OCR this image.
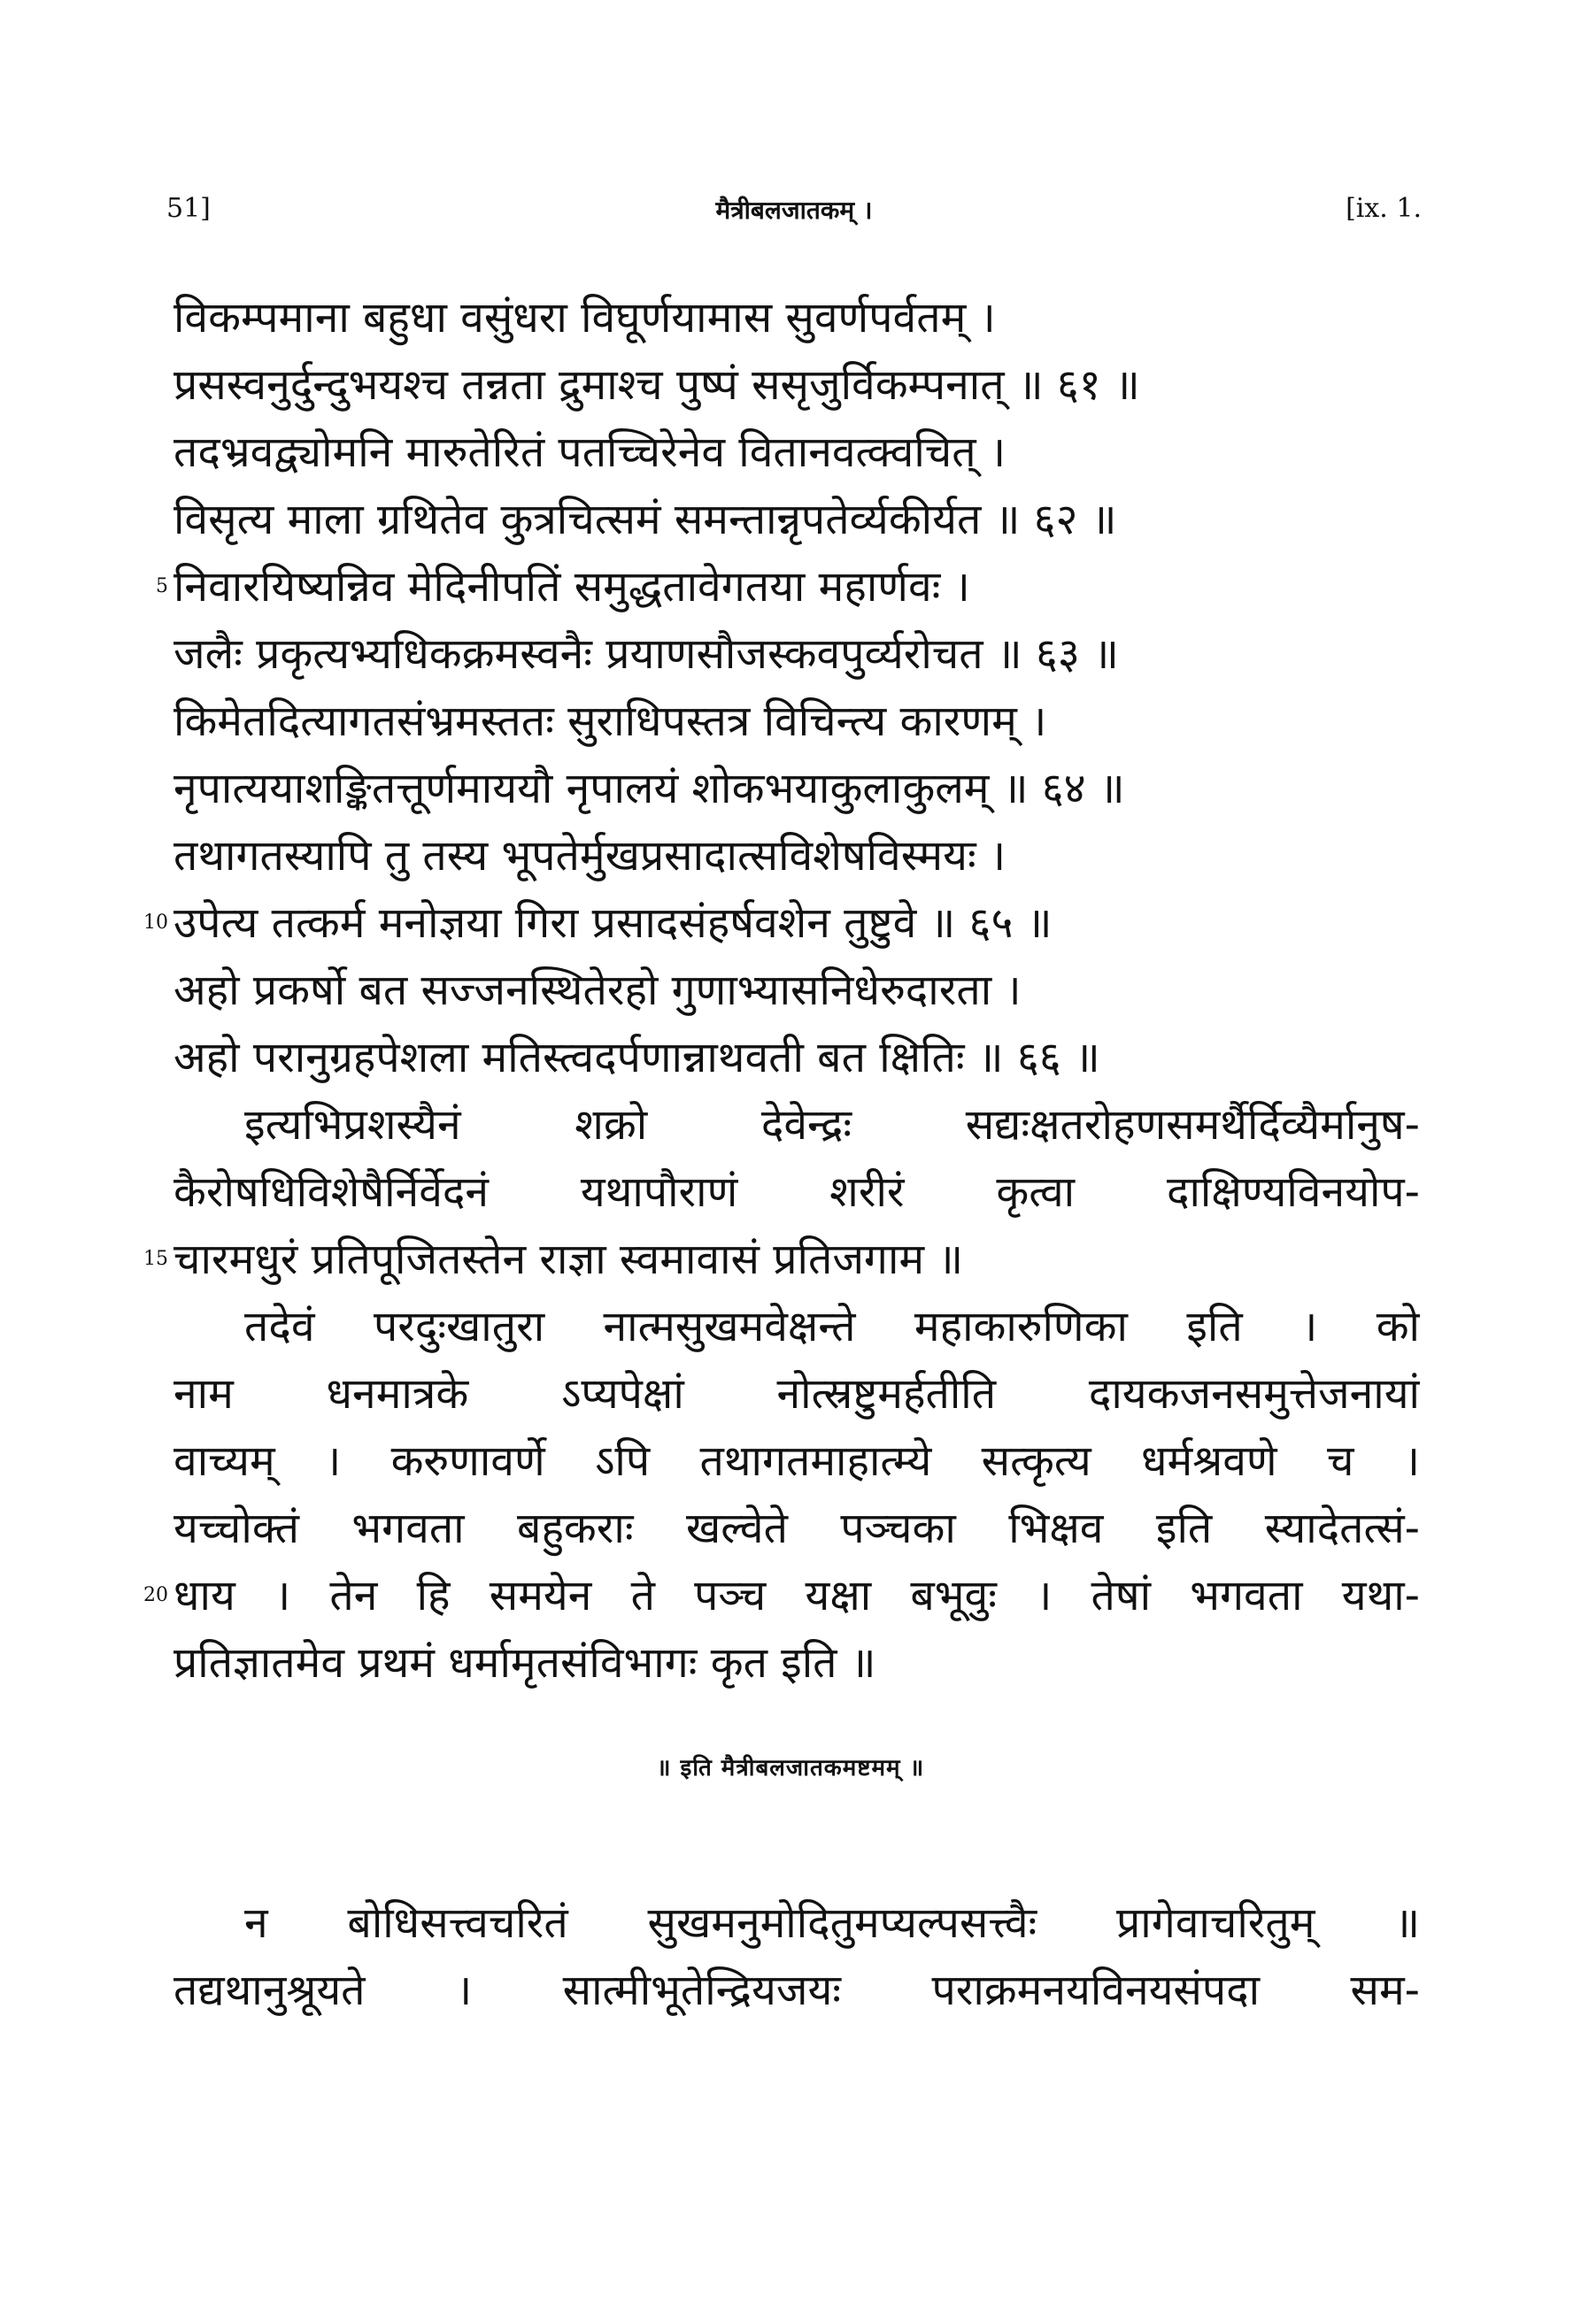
51]	मैत्रीबलजातकम् ।	[ix. 1.
विकम्पमाना बहुधा वसुंधरा विघूर्णयामास सुवर्णपर्वतम् ।
प्रसस्वनुर्दुन्दुभयश्च तन्नता द्रुमाश्च पुष्पं ससृजुर्विकम्पनात् ॥ ६१ ॥
तदभ्रवद्व्योमनि मारुतेरितं पतच्चिरेनेव वितानवत्क्वचित् ।
विसृत्य माला ग्रथितेव कुत्रचित्समं समन्तान्नृपतेर्व्यकीर्यत ॥ ६२ ॥
5 निवारयिष्यन्निव मेदिनीपतिं समुद्धतावेगतया महार्णवः ।
जलैः प्रकृत्यभ्यधिकक्रमस्वनैः प्रयाणसौजस्कवपुर्व्यरोचत ॥ ६३ ॥
किमेतदित्यागतसंभ्रमस्ततः सुराधिपस्तत्र विचिन्त्य कारणम् ।
नृपात्ययाशङ्कितत्तूर्णमाययौ नृपालयं शोकभयाकुलाकुलम् ॥ ६४ ॥
तथागतस्यापि तु तस्य भूपतेर्मुखप्रसादात्सविशेषविस्मयः ।
10 उपेत्य तत्कर्म मनोज्ञया गिरा प्रसादसंहर्षवशेन तुष्टुवे ॥ ६५ ॥
अहो प्रकर्षो बत सज्जनस्थितेरहो गुणाभ्यासनिधेरुदारता ।
अहो परानुग्रहपेशला मतिस्त्वदर्पणान्नाथवती बत क्षितिः ॥ ६६ ॥
इत्यभिप्रशस्यैनं शक्रो देवेन्द्रः सद्यःक्षतरोहणसमर्थैर्दिव्यैर्मानुष-
कैरोषधिविशेषैर्निर्वेदनं यथापौराणं शरीरं कृत्वा दाक्षिण्यविनयोप-
15 चारमधुरं प्रतिपूजितस्तेन राज्ञा स्वमावासं प्रतिजगाम ॥
तदेवं परदुःखातुरा नात्मसुखमवेक्षन्ते महाकारुणिका इति । को
नाम धनमात्रके ऽप्यपेक्षां नोत्स्रष्टुमर्हतीति दायकजनसमुत्तेजनायां
वाच्यम् । करुणावर्णे ऽपि तथागतमाहात्म्ये सत्कृत्य धर्मश्रवणे च ।
यच्चोक्तं भगवता बहुकराः खल्वेते पञ्चका भिक्षव इति स्यादेतत्सं-
20 धाय । तेन हि समयेन ते पञ्च यक्षा बभूवुः । तेषां भगवता यथा-
प्रतिज्ञातमेव प्रथमं धर्मामृतसंविभागः कृत इति ॥
॥ इति मैत्रीबलजातकमष्टमम् ॥
न बोधिसत्त्वचरितं सुखमनुमोदितुमप्यल्पसत्त्वैः प्रागेवाचरितुम् ॥
तद्यथानुश्रूयते । सात्मीभूतेन्द्रियजयः पराक्रमनयविनयसंपदा सम-
